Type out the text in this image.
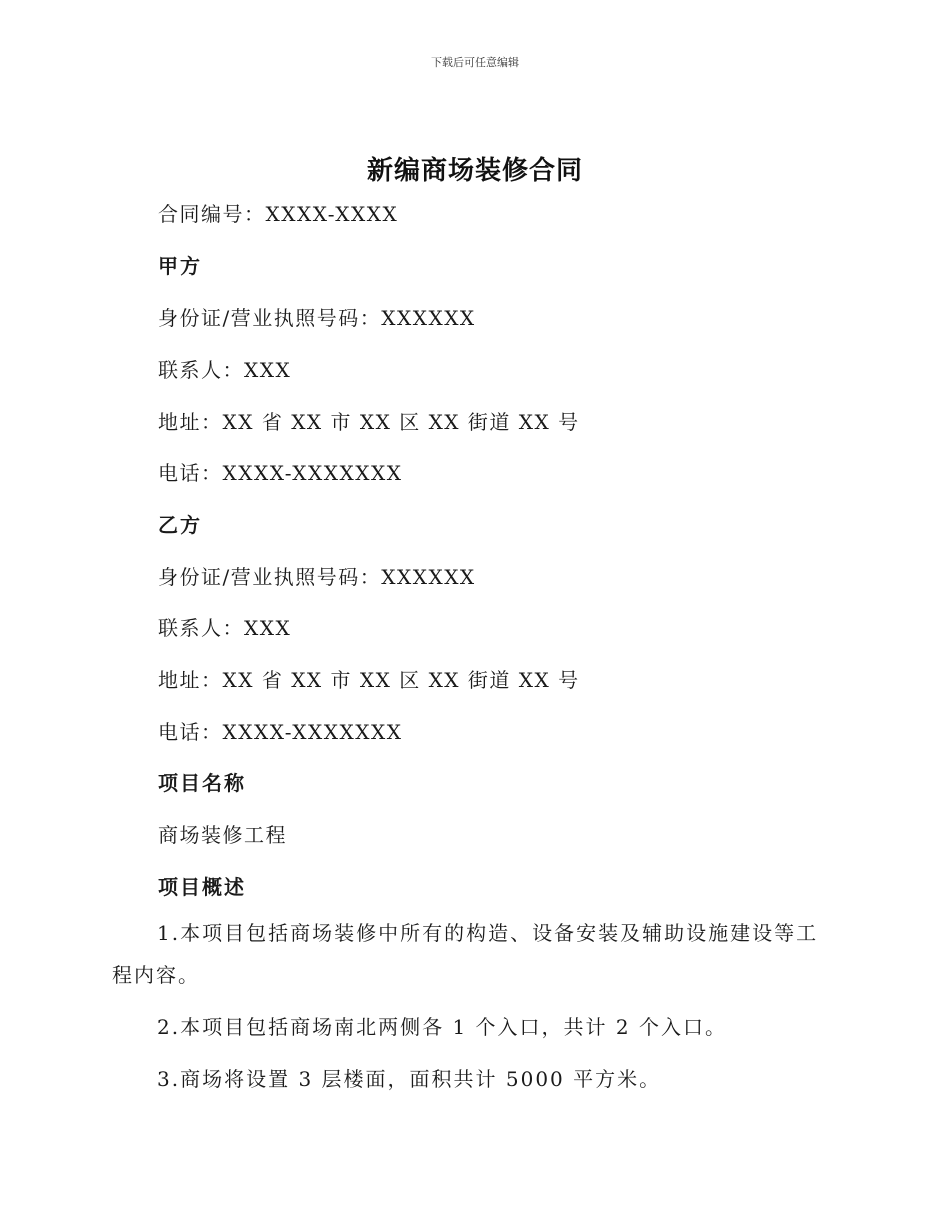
下载后可任意编辑
新编商场装修合同
合同编号：XXXX-XXXX
甲方
身份证/营业执照号码：XXXXXX
联系人：XXX
地址：XX 省 XX 市 XX 区 XX 街道 XX 号
电话：XXXX-XXXXXXX
乙方
身份证/营业执照号码：XXXXXX
联系人：XXX
地址：XX 省 XX 市 XX 区 XX 街道 XX 号
电话：XXXX-XXXXXXX
项目名称
商场装修工程
项目概述
1.本项目包括商场装修中所有的构造、设备安装及辅助设施建设等工程内容。
2.本项目包括商场南北两侧各 1 个入口，共计 2 个入口。
3.商场将设置 3 层楼面，面积共计 5000 平方米。
